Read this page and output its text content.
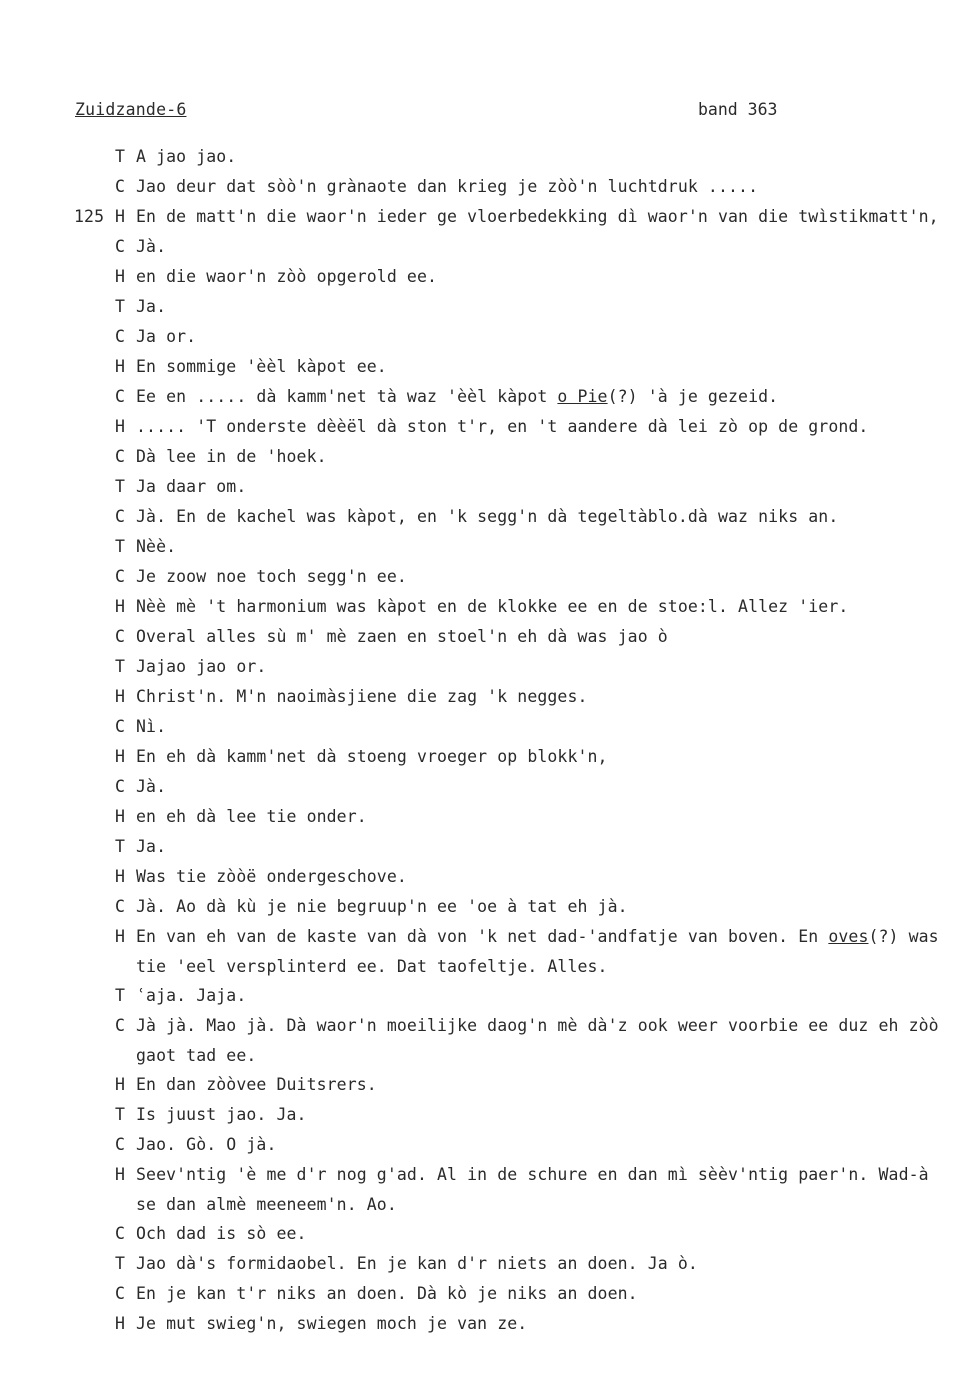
Zuidzande-6	band 363
T A jao jao.
C Jao deur dat sòò'n grànaote dan krieg je zòò'n luchtdruk .....
125 H En de matt'n die waor'n ieder ge vloerbedekking dì waor'n van die twìstikmatt'n,
C Jà.
H en die waor'n zòò opgerold ee.
T Ja.
C Ja or.
H En sommige 'èèl kàpot ee.
C Ee en ..... dà kamm'net tà waz 'èèl kàpot o Pie(?) 'à je gezeid.
H ..... 'T onderste dèèël dà ston t'r, en 't aandere dà lei zò op de grond.
C Dà lee in de 'hoek.
T Ja daar om.
C Jà. En de kachel was kàpot, en 'k segg'n dà tegeltàblo.dà waz niks an.
T Nèè.
C Je zoow noe toch segg'n ee.
H Nèè mè 't harmonium was kàpot en de klokke ee en de stoe:l. Allez 'ier.
C Overal alles sù m' mè zaen en stoel'n eh dà was jao ò
T Jajao jao or.
H Christ'n. M'n naoimàsjiene die zag 'k negges.
C Nì.
H En eh dà kamm'net dà stoeng vroeger op blokk'n,
C Jà.
H en eh dà lee tie onder.
T Ja.
H Was tie zòòë ondergeschove.
C Jà. Ao dà kù je nie begruup'n ee 'oe à tat eh jà.
H En van eh van de kaste van dà von 'k net dad-'andfatje van boven. En oves(?) was
tie 'eel versplinterd ee. Dat taofeltje. Alles.
T ʿaja. Jaja.
C Jà jà. Mao jà. Dà waor'n moeilijke daog'n mè dà'z ook weer voorbie ee duz eh zòò
gaot tad ee.
H En dan zòòvee Duitsrers.
T Is juust jao. Ja.
C Jao. Gò. O jà.
H Seev'ntig 'è me d'r nog g'ad. Al in de schure en dan mì sèèv'ntig paer'n. Wad-à
se dan almè meeneem'n. Ao.
C Och dad is sò ee.
T Jao dà's formidaobel. En je kan d'r niets an doen. Ja ò.
C En je kan t'r niks an doen. Dà kò je niks an doen.
H Je mut swieg'n, swiegen moch je van ze.
